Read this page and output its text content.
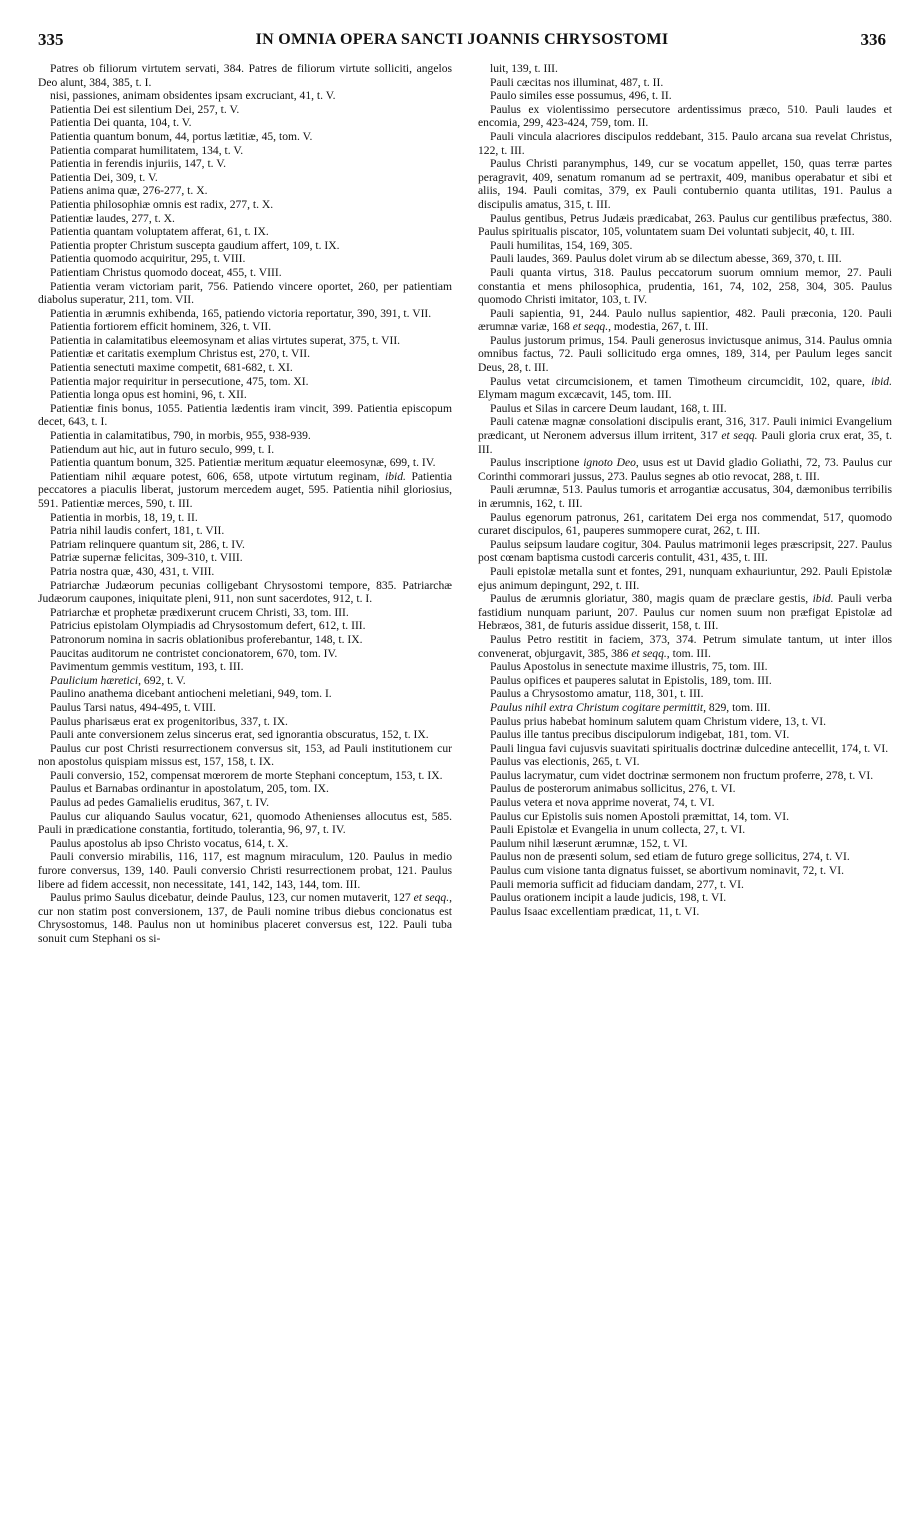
335	IN OMNIA OPERA SANCTI JOANNIS CHRYSOSTOMI	336

Patres ob filiorum virtutem servati, 384. Patres de filiorum virtute solliciti, angelos Deo alunt, 384, 385, t. I.

nisi, passiones, animam obsidentes ipsam excruciant, 41, t. V.

Patientia Dei est silentium Dei, 257, t. V.

Patientia Dei quanta, 104, t. V.

Patientia quantum bonum, 44, portus lætitiæ, 45, tom. V.

Patientia comparat humilitatem, 134, t. V.

Patientia in ferendis injuriis, 147, t. V.

Patientia Dei, 309, t. V.

Patiens anima quæ, 276-277, t. X.

Patientia philosophiæ omnis est radix, 277, t. X.

Patientiæ laudes, 277, t. X.

Patientia quantam voluptatem afferat, 61, t. IX.

Patientia propter Christum suscepta gaudium affert, 109, t. IX.

Patientia quomodo acquiritur, 295, t. VIII.

Patientiam Christus quomodo doceat, 455, t. VIII.

Patientia veram victoriam parit, 756. Patiendo vincere oportet, 260, per patientiam diabolus superatur, 211, tom. VII.

Patientia in ærumnis exhibenda, 165, patiendo victoria reportatur, 390, 391, t. VII.

Patientia fortiorem efficit hominem, 326, t. VII.

Patientia in calamitatibus eleemosynam et alias virtutes superat, 375, t. VII.

Patientiæ et caritatis exemplum Christus est, 270, t. VII.

Patientia senectuti maxime competit, 681-682, t. XI.

Patientia major requiritur in persecutione, 475, tom. XI.

Patientia longa opus est homini, 96, t. XII.

Patientiæ finis bonus, 1055. Patientia lædentis iram vincit, 399. Patientia episcopum decet, 643, t. I.

Patientia in calamitatibus, 790, in morbis, 955, 938-939.

Patiendum aut hic, aut in futuro seculo, 999, t. I.

Patientia quantum bonum, 325. Patientiæ meritum æquatur eleemosynæ, 699, t. IV.

Patientiam nihil æquare potest, 606, 658, utpote virtutum reginam, ibid. Patientia peccatores a piaculis liberat, justorum mercedem auget, 595. Patientia nihil gloriosius, 591. Patientiæ merces, 590, t. III.

Patientia in morbis, 18, 19, t. II.

Patria nihil laudis confert, 181, t. VII.

Patriam relinquere quantum sit, 286, t. IV.

Patriæ supernæ felicitas, 309-310, t. VIII.

Patria nostra quæ, 430, 431, t. VIII.

Patriarchæ Judæorum pecunias colligebant Chrysostomi tempore, 835. Patriarchæ Judæorum caupones, iniquitate pleni, 911, non sunt sacerdotes, 912, t. I.

Patriarchæ et prophetæ prædixerunt crucem Christi, 33, tom. III.

Patricius epistolam Olympiadis ad Chrysostomum defert, 612, t. III.

Patronorum nomina in sacris oblationibus proferebantur, 148, t. IX.

Paucitas auditorum ne contristet concionatorem, 670, tom. IV.

Pavimentum gemmis vestitum, 193, t. III.

Paulicium hæretici, 692, t. V.

Paulino anathema dicebant antiocheni meletiani, 949, tom. I.

Paulus Tarsi natus, 494-495, t. VIII.

Paulus pharisæus erat ex progenitoribus, 337, t. IX.

Pauli ante conversionem zelus sincerus erat, sed ignorantia obscuratus, 152, t. IX.

Paulus cur post Christi resurrectionem conversus sit, 153, ad Pauli institutionem cur non apostolus quispiam missus est, 157, 158, t. IX.

Pauli conversio, 152, compensat mœrorem de morte Stephani conceptum, 153, t. IX.

Paulus et Barnabas ordinantur in apostolatum, 205, tom. IX.

Paulus ad pedes Gamalielis eruditus, 367, t. IV.

Paulus cur aliquando Saulus vocatur, 621, quomodo Athenienses allocutus est, 585. Pauli in prædicatione constantia, fortitudo, tolerantia, 96, 97, t. IV.

Paulus apostolus ab ipso Christo vocatus, 614, t. X.

Pauli conversio mirabilis, 116, 117, est magnum miraculum, 120. Paulus in medio furore conversus, 139, 140. Pauli conversio Christi resurrectionem probat, 121. Paulus libere ad fidem accessit, non necessitate, 141, 142, 143, 144, tom. III.

Paulus primo Saulus dicebatur, deinde Paulus, 123, cur nomen mutaverit, 127 et seqq., cur non statim post conversionem, 137, de Pauli nomine tribus diebus concionatus est Chrysostomus, 148. Paulus non ut hominibus placeret conversus est, 122. Pauli tuba sonuit cum Stephani os si-

luit, 139, t. III.

Pauli cæcitas nos illuminat, 487, t. II.

Paulo similes esse possumus, 496, t. II.

Paulus ex violentissimo persecutore ardentissimus præco, 510. Pauli laudes et encomia, 299, 423-424, 759, tom. II.

Pauli vincula alacriores discipulos reddebant, 315. Paulo arcana sua revelat Christus, 122, t. III.

Paulus Christi paranymphus, 149, cur se vocatum appellet, 150, quas terræ partes peragravit, 409, senatum romanum ad se pertraxit, 409, manibus operabatur et sibi et aliis, 194. Pauli comitas, 379, ex Pauli contubernio quanta utilitas, 191. Paulus a discipulis amatus, 315, t. III.

Paulus gentibus, Petrus Judæis prædicabat, 263. Paulus cur gentilibus præfectus, 380. Paulus spiritualis piscator, 105, voluntatem suam Dei voluntati subjecit, 40, t. III.

Pauli humilitas, 154, 169, 305.

Pauli laudes, 369. Paulus dolet virum ab se dilectum abesse, 369, 370, t. III.

Pauli quanta virtus, 318. Paulus peccatorum suorum omnium memor, 27. Pauli constantia et mens philosophica, prudentia, 161, 74, 102, 258, 304, 305. Paulus quomodo Christi imitator, 103, t. IV.

Pauli sapientia, 91, 244. Paulo nullus sapientior, 482. Pauli præconia, 120. Pauli ærumnæ variæ, 168 et seqq., modestia, 267, t. III.

Paulus justorum primus, 154. Pauli generosus invictusque animus, 314. Paulus omnia omnibus factus, 72. Pauli sollicitudo erga omnes, 189, 314, per Paulum leges sancit Deus, 28, t. III.

Paulus vetat circumcisionem, et tamen Timotheum circumcidit, 102, quare, ibid. Elymam magum excæcavit, 145, tom. III.

Paulus et Silas in carcere Deum laudant, 168, t. III.

Pauli catenæ magnæ consolationi discipulis erant, 316, 317. Pauli inimici Evangelium prædicant, ut Neronem adversus illum irritent, 317 et seqq. Pauli gloria crux erat, 35, t. III.

Paulus inscriptione ignoto Deo, usus est ut David gladio Goliathi, 72, 73. Paulus cur Corinthi commorari jussus, 273. Paulus segnes ab otio revocat, 288, t. III.

Pauli ærumnæ, 513. Paulus tumoris et arrogantiæ accusatus, 304, dæmonibus terribilis in ærumnis, 162, t. III.

Paulus egenorum patronus, 261, caritatem Dei erga nos commendat, 517, quomodo curaret discipulos, 61, pauperes summopere curat, 262, t. III.

Paulus seipsum laudare cogitur, 304. Paulus matrimonii leges præscripsit, 227. Paulus post cœnam baptisma custodi carceris contulit, 431, 435, t. III.

Pauli epistolæ metalla sunt et fontes, 291, nunquam exhauriuntur, 292. Pauli Epistolæ ejus animum depingunt, 292, t. III.

Paulus de ærumnis gloriatur, 380, magis quam de præclare gestis, ibid. Pauli verba fastidium nunquam pariunt, 207. Paulus cur nomen suum non præfigat Epistolæ ad Hebræos, 381, de futuris assidue disserit, 158, t. III.

Paulus Petro restitit in faciem, 373, 374. Petrum simulate tantum, ut inter illos convenerat, objurgavit, 385, 386 et seqq., tom. III.

Paulus Apostolus in senectute maxime illustris, 75, tom. III.

Paulus opifices et pauperes salutat in Epistolis, 189, tom. III.

Paulus a Chrysostomo amatur, 118, 301, t. III.

Paulus nihil extra Christum cogitare permittit, 829, tom. III.

Paulus prius habebat hominum salutem quam Christum videre, 13, t. VI.

Paulus ille tantus precibus discipulorum indigebat, 181, tom. VI.

Pauli lingua favi cujusvis suavitati spiritualis doctrinæ dulcedine antecellit, 174, t. VI.

Paulus vas electionis, 265, t. VI.

Paulus lacrymatur, cum videt doctrinæ sermonem non fructum proferre, 278, t. VI.

Paulus de posterorum animabus sollicitus, 276, t. VI.

Paulus vetera et nova apprime noverat, 74, t. VI.

Paulus cur Epistolis suis nomen Apostoli præmittat, 14, tom. VI.

Pauli Epistolæ et Evangelia in unum collecta, 27, t. VI.

Paulum nihil læserunt ærumnæ, 152, t. VI.

Paulus non de præsenti solum, sed etiam de futuro grege sollicitus, 274, t. VI.

Paulus cum visione tanta dignatus fuisset, se abortivum nominavit, 72, t. VI.

Pauli memoria sufficit ad fiduciam dandam, 277, t. VI.

Paulus orationem incipit a laude judicis, 198, t. VI.

Paulus Isaac excellentiam prædicat, 11, t. VI.
